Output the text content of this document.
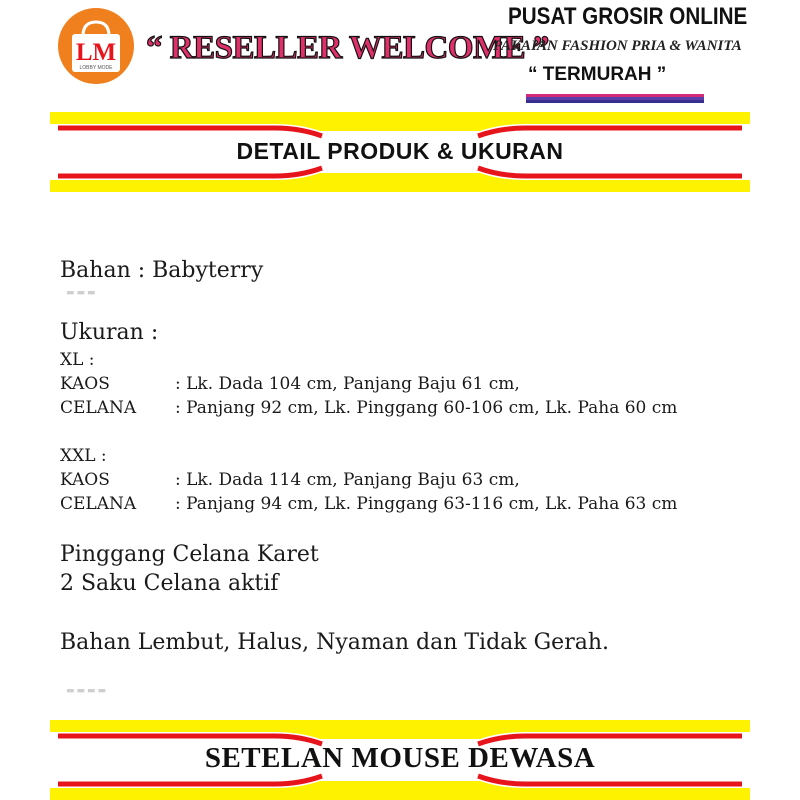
LM
LOBBY MODE
“ RESELLER WELCOME ”
PUSAT GROSIR ONLINE
PAKAIAN FASHION PRIA & WANITA
“ TERMURAH ”
DETAIL PRODUK & UKURAN
Bahan : Babyterry
▬▬▬
Ukuran :
XL :
KAOS	: Lk. Dada 104 cm, Panjang Baju 61 cm,
CELANA : Panjang 92 cm, Lk. Pinggang 60-106 cm, Lk. Paha 60 cm
XXL :
KAOS	: Lk. Dada 114 cm, Panjang Baju 63 cm,
CELANA : Panjang 94 cm, Lk. Pinggang 63-116 cm, Lk. Paha 63 cm
Pinggang Celana Karet
2 Saku Celana aktif
Bahan Lembut, Halus, Nyaman dan Tidak Gerah.
▬▬▬▬
SETELAN MOUSE DEWASA
